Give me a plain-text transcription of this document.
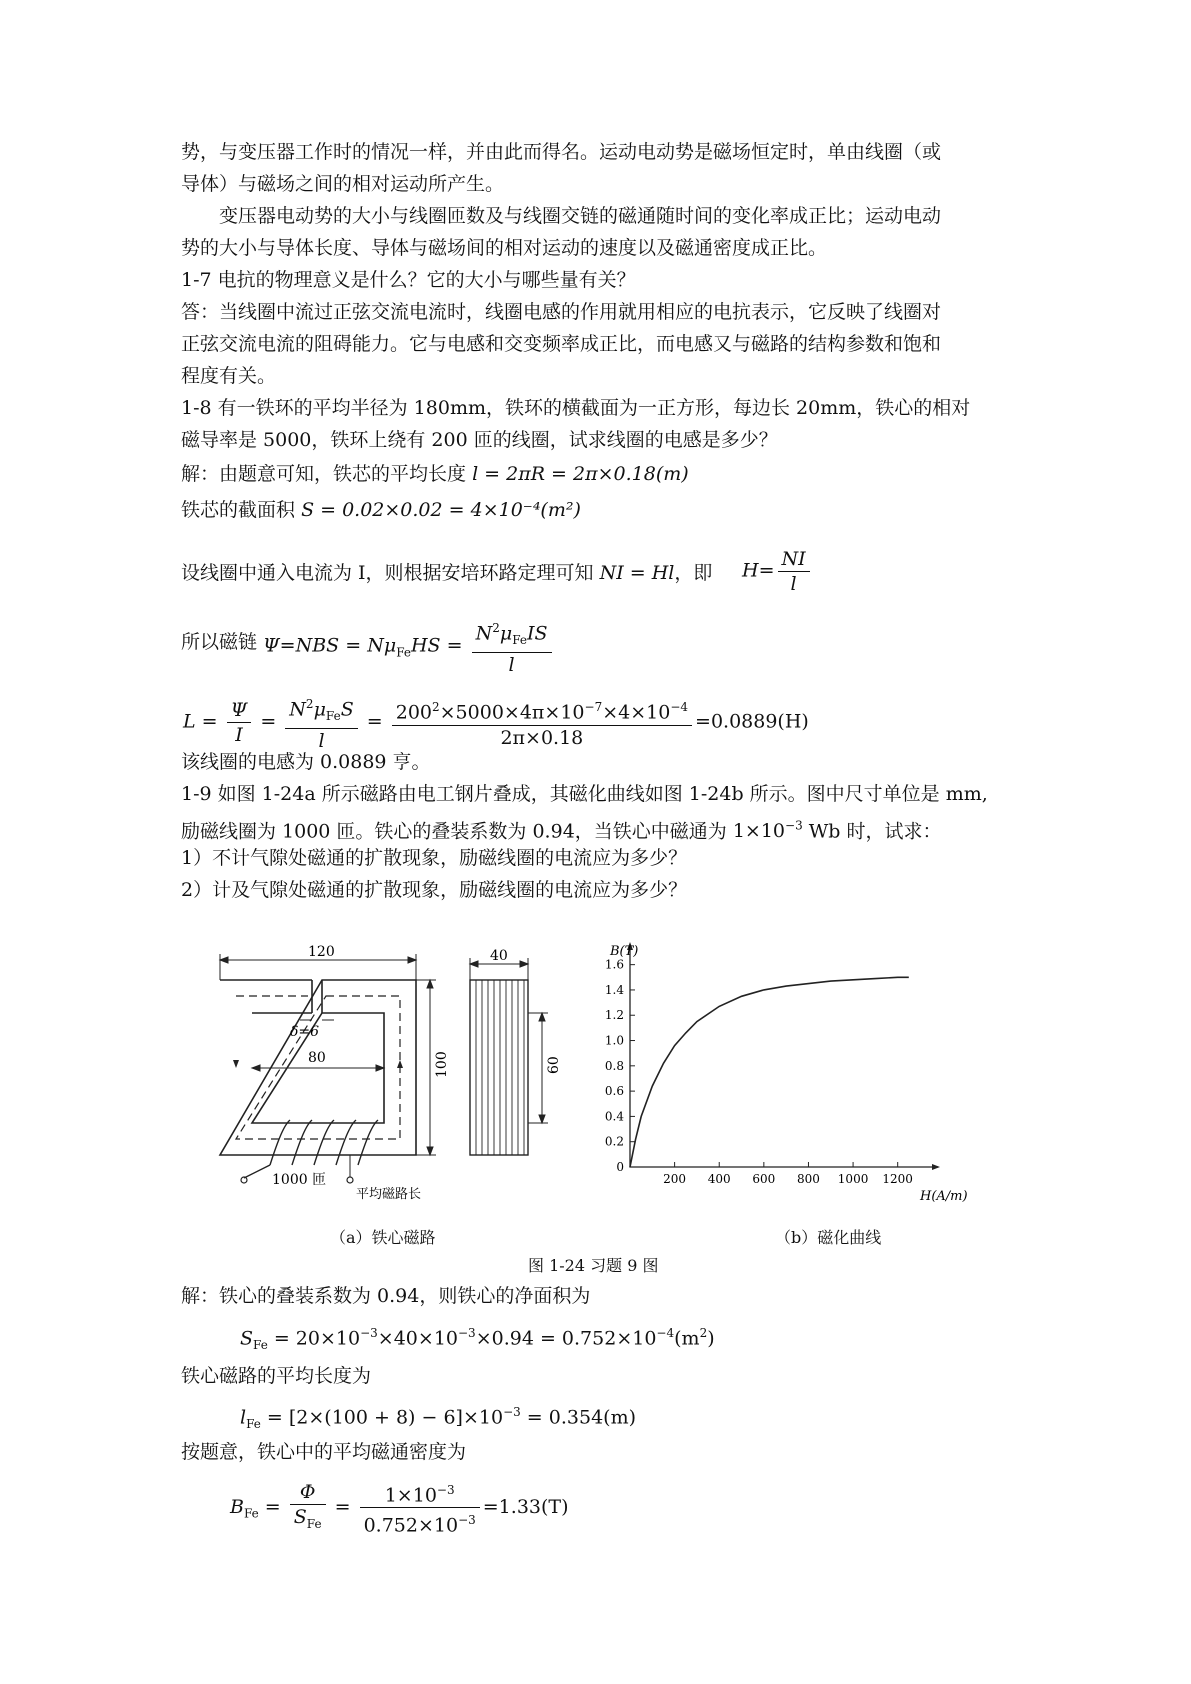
势，与变压器工作时的情况一样，并由此而得名。运动电动势是磁场恒定时，单由线圈（或
导体）与磁场之间的相对运动所产生。
变压器电动势的大小与线圈匝数及与线圈交链的磁通随时间的变化率成正比；运动电动
势的大小与导体长度、导体与磁场间的相对运动的速度以及磁通密度成正比。
1-7 电抗的物理意义是什么？它的大小与哪些量有关？
答：当线圈中流过正弦交流电流时，线圈电感的作用就用相应的电抗表示，它反映了线圈对
正弦交流电流的阻碍能力。它与电感和交变频率成正比，而电感又与磁路的结构参数和饱和
程度有关。
1-8 有一铁环的平均半径为 180mm，铁环的横截面为一正方形，每边长 20mm，铁心的相对
磁导率是 5000，铁环上绕有 200 匝的线圈，试求线圈的电感是多少？
解：由题意可知，铁芯的平均长度 l = 2πR = 2π×0.18(m)
铁芯的截面积 S = 0.02×0.02 = 4×10⁻⁴(m²)
设线圈中通入电流为 I，则根据安培环路定理可知 NI = Hl，即	$H= \frac{NI}{l}$
所以磁链 $\Psi=NBS = N\mu_{Fe}HS = \frac{N^2\mu_{Fe}IS}{l}$
$L = \frac{\Psi}{I} = \frac{N^2\mu_{Fe}S}{l} = \frac{200^2\times 5000\times 4\pi\times 10^{-7}\times 4\times 10^{-4}}{2\pi\times 0.18} =0.0889(H)$
该线圈的电感为 0.0889 亨。
1-9 如图 1-24a 所示磁路由电工钢片叠成，其磁化曲线如图 1-24b 所示。图中尺寸单位是 mm,
励磁线圈为 1000 匝。铁心的叠装系数为 0.94，当铁心中磁通为 $1\times 10^{-3}$ Wb 时，试求：
1）不计气隙处磁通的扩散现象，励磁线圈的电流应为多少？
2）计及气隙处磁通的扩散现象，励磁线圈的电流应为多少？
120
δ=6
80	100
1000 匝
平均磁路长
40
60
0
0.2
0.4
0.6
0.8
1.0
1.2
1.4
1.6
200 400 600 800 1000 1200
B(T)
H(A/m)
（a）铁心磁路	（b）磁化曲线
图 1-24 习题 9 图
解：铁心的叠装系数为 0.94，则铁心的净面积为
$S_{Fe} = 20\times 10^{-3}\times 40\times 10^{-3}\times 0.94 = 0.752\times 10^{-4}(m^2)$
铁心磁路的平均长度为
$l_{Fe} = [2\times(100 + 8) - 6]\times 10^{-3} = 0.354(m)$
按题意，铁心中的平均磁通密度为
$B_{Fe} = \frac{\Phi}{S_{Fe}} = \frac{1\times 10^{-3}}{0.752\times 10^{-3}} =1.33(T)$
